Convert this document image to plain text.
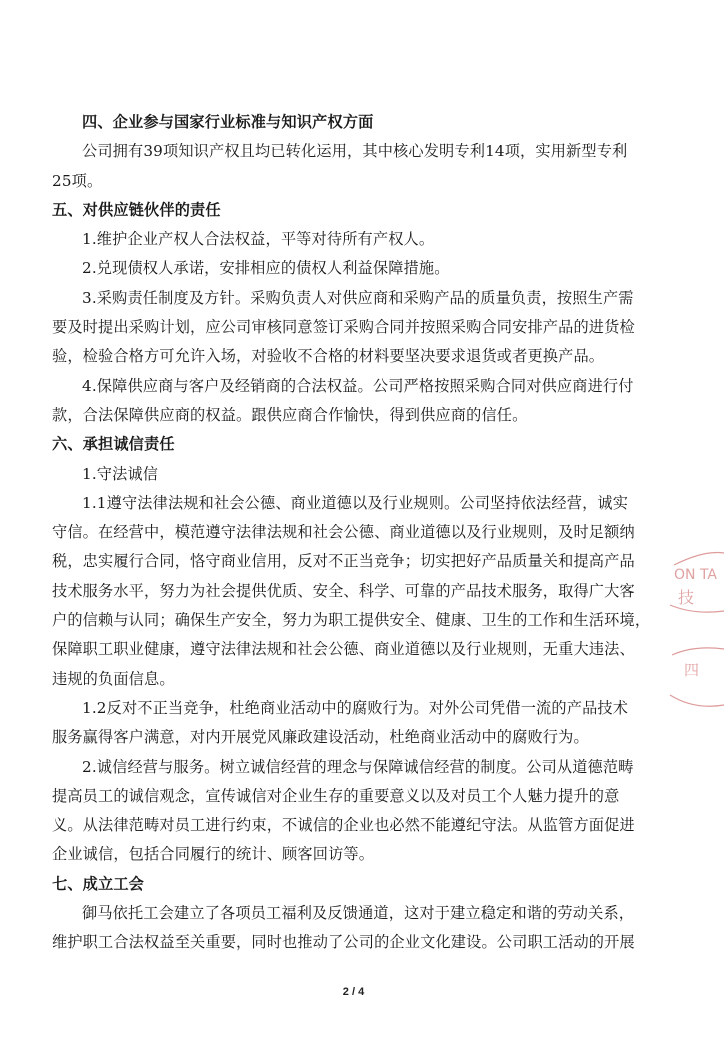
四、企业参与国家行业标准与知识产权方面
公司拥有39项知识产权且均已转化运用，其中核心发明专利14项，实用新型专利
25项。
五、对供应链伙伴的责任
1.维护企业产权人合法权益，平等对待所有产权人。
2.兑现债权人承诺，安排相应的债权人利益保障措施。
3.采购责任制度及方针。采购负责人对供应商和采购产品的质量负责，按照生产需
要及时提出采购计划，应公司审核同意签订采购合同并按照采购合同安排产品的进货检
验，检验合格方可允许入场，对验收不合格的材料要坚决要求退货或者更换产品。
4.保障供应商与客户及经销商的合法权益。公司严格按照采购合同对供应商进行付
款，合法保障供应商的权益。跟供应商合作愉快，得到供应商的信任。
六、承担诚信责任
1.守法诚信
1.1遵守法律法规和社会公德、商业道德以及行业规则。公司坚持依法经营，诚实
守信。在经营中，模范遵守法律法规和社会公德、商业道德以及行业规则，及时足额纳
税，忠实履行合同，恪守商业信用，反对不正当竞争；切实把好产品质量关和提高产品
技术服务水平，努力为社会提供优质、安全、科学、可靠的产品技术服务，取得广大客
户的信赖与认同；确保生产安全，努力为职工提供安全、健康、卫生的工作和生活环境，
保障职工职业健康，遵守法律法规和社会公德、商业道德以及行业规则，无重大违法、
违规的负面信息。
1.2反对不正当竞争，杜绝商业活动中的腐败行为。对外公司凭借一流的产品技术
服务赢得客户满意，对内开展党风廉政建设活动，杜绝商业活动中的腐败行为。
2.诚信经营与服务。树立诚信经营的理念与保障诚信经营的制度。公司从道德范畴
提高员工的诚信观念，宣传诚信对企业生存的重要意义以及对员工个人魅力提升的意
义。从法律范畴对员工进行约束，不诚信的企业也必然不能遵纪守法。从监管方面促进
企业诚信，包括合同履行的统计、顾客回访等。
七、成立工会
御马依托工会建立了各项员工福利及反馈通道，这对于建立稳定和谐的劳动关系，
维护职工合法权益至关重要，同时也推动了公司的企业文化建设。公司职工活动的开展
ON TA
技
四
2 / 4
